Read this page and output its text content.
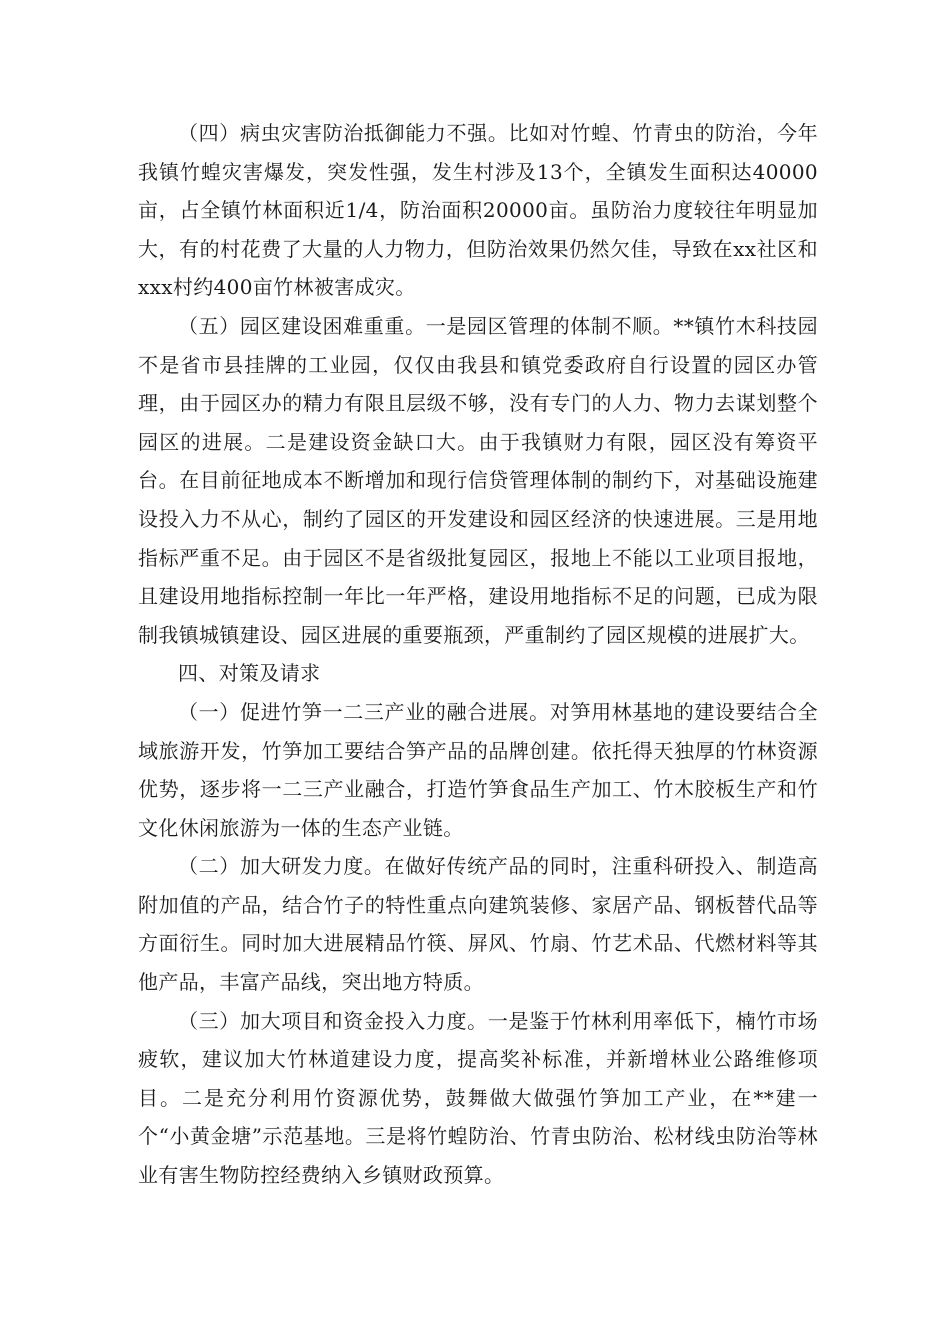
（四）病虫灾害防治抵御能力不强。比如对竹蝗、竹青虫的防治，今年我镇竹蝗灾害爆发，突发性强，发生村涉及13个，全镇发生面积达40000亩，占全镇竹林面积近1/4，防治面积20000亩。虽防治力度较往年明显加大，有的村花费了大量的人力物力，但防治效果仍然欠佳，导致在xx社区和xxx村约400亩竹林被害成灾。

（五）园区建设困难重重。一是园区管理的体制不顺。**镇竹木科技园不是省市县挂牌的工业园，仅仅由我县和镇党委政府自行设置的园区办管理，由于园区办的精力有限且层级不够，没有专门的人力、物力去谋划整个园区的进展。二是建设资金缺口大。由于我镇财力有限，园区没有筹资平台。在目前征地成本不断增加和现行信贷管理体制的制约下，对基础设施建设投入力不从心，制约了园区的开发建设和园区经济的快速进展。三是用地指标严重不足。由于园区不是省级批复园区，报地上不能以工业项目报地，且建设用地指标控制一年比一年严格，建设用地指标不足的问题，已成为限制我镇城镇建设、园区进展的重要瓶颈，严重制约了园区规模的进展扩大。

四、对策及请求

（一）促进竹笋一二三产业的融合进展。对笋用林基地的建设要结合全域旅游开发，竹笋加工要结合笋产品的品牌创建。依托得天独厚的竹林资源优势，逐步将一二三产业融合，打造竹笋食品生产加工、竹木胶板生产和竹文化休闲旅游为一体的生态产业链。

（二）加大研发力度。在做好传统产品的同时，注重科研投入、制造高附加值的产品，结合竹子的特性重点向建筑装修、家居产品、钢板替代品等方面衍生。同时加大进展精品竹筷、屏风、竹扇、竹艺术品、代燃材料等其他产品，丰富产品线，突出地方特质。

（三）加大项目和资金投入力度。一是鉴于竹林利用率低下，楠竹市场疲软，建议加大竹林道建设力度，提高奖补标准，并新增林业公路维修项目。二是充分利用竹资源优势，鼓舞做大做强竹笋加工产业，在**建一个“小黄金塘”示范基地。三是将竹蝗防治、竹青虫防治、松材线虫防治等林业有害生物防控经费纳入乡镇财政预算。
